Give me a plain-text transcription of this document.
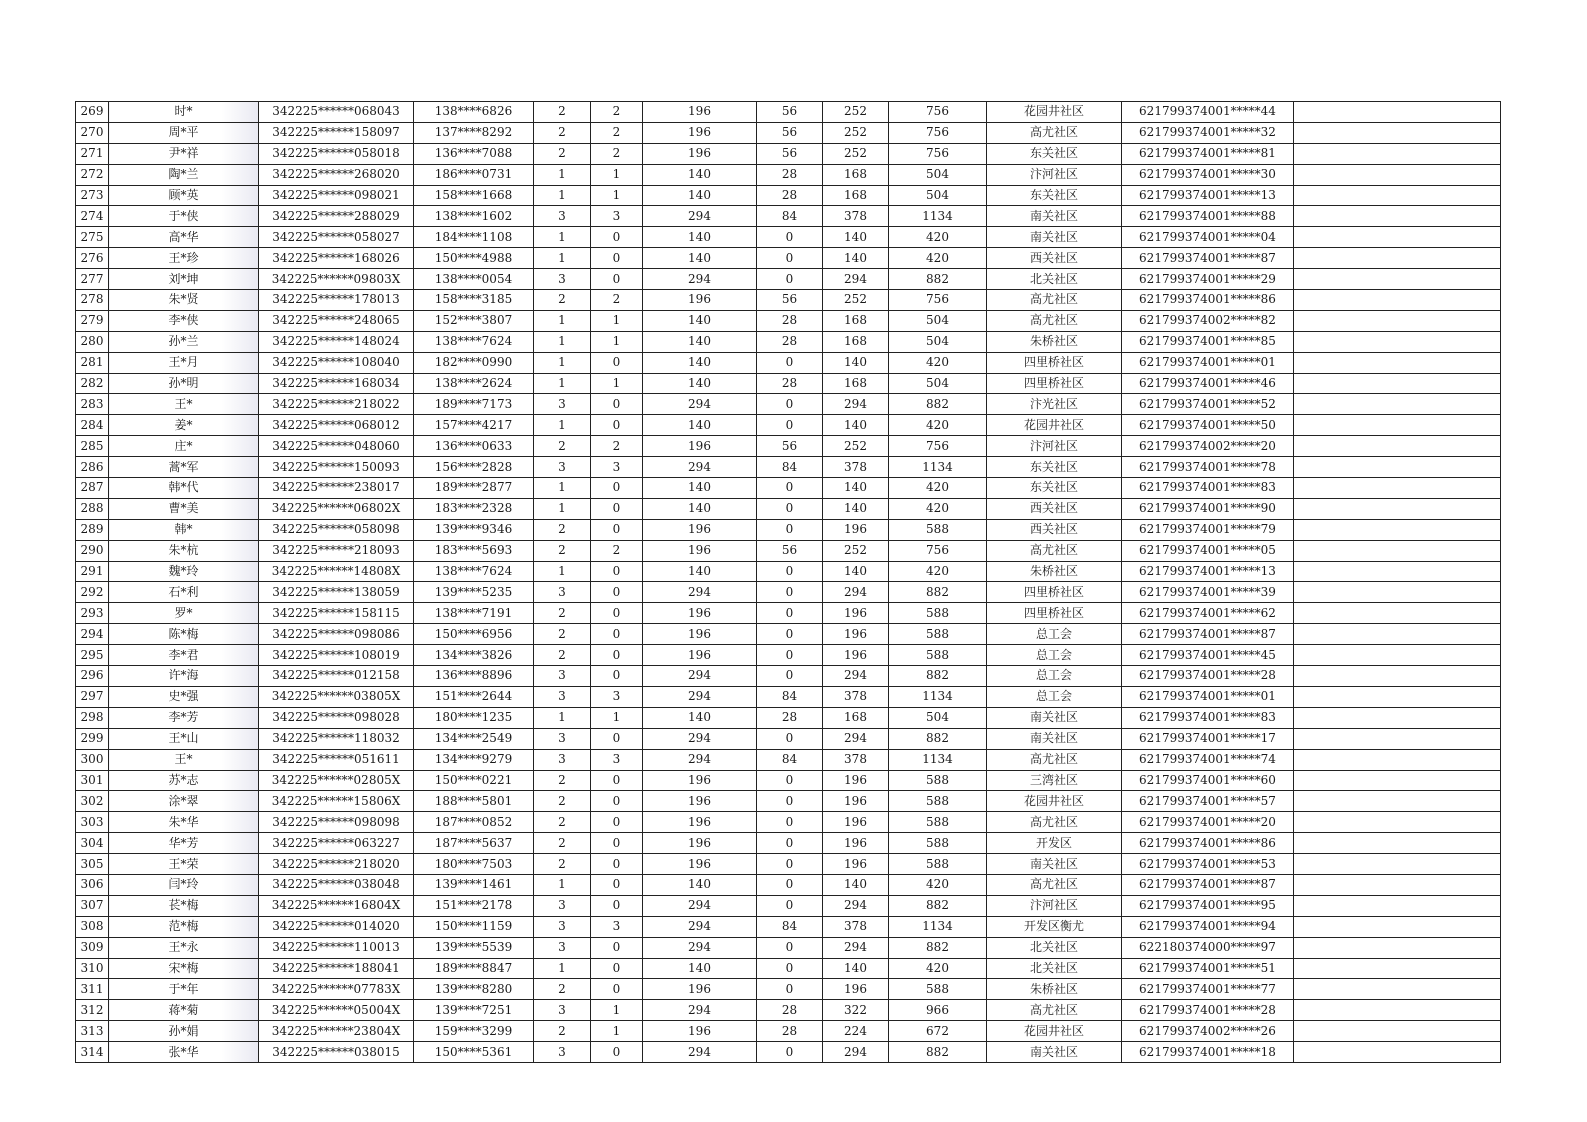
269	时*	342225******068043	138****6826	2	2	196	56	252	756	花园井社区	621799374001*****44	
270	周*平	342225******158097	137****8292	2	2	196	56	252	756	高尤社区	621799374001*****32	
271	尹*祥	342225******058018	136****7088	2	2	196	56	252	756	东关社区	621799374001*****81	
272	陶*兰	342225******268020	186****0731	1	1	140	28	168	504	汴河社区	621799374001*****30	
273	顾*英	342225******098021	158****1668	1	1	140	28	168	504	东关社区	621799374001*****13	
274	于*侠	342225******288029	138****1602	3	3	294	84	378	1134	南关社区	621799374001*****88	
275	高*华	342225******058027	184****1108	1	0	140	0	140	420	南关社区	621799374001*****04	
276	王*珍	342225******168026	150****4988	1	0	140	0	140	420	西关社区	621799374001*****87	
277	刘*坤	342225******09803X	138****0054	3	0	294	0	294	882	北关社区	621799374001*****29	
278	朱*贤	342225******178013	158****3185	2	2	196	56	252	756	高尤社区	621799374001*****86	
279	李*侠	342225******248065	152****3807	1	1	140	28	168	504	高尤社区	621799374002*****82	
280	孙*兰	342225******148024	138****7624	1	1	140	28	168	504	朱桥社区	621799374001*****85	
281	王*月	342225******108040	182****0990	1	0	140	0	140	420	四里桥社区	621799374001*****01	
282	孙*明	342225******168034	138****2624	1	1	140	28	168	504	四里桥社区	621799374001*****46	
283	王*	342225******218022	189****7173	3	0	294	0	294	882	汴光社区	621799374001*****52	
284	姜*	342225******068012	157****4217	1	0	140	0	140	420	花园井社区	621799374001*****50	
285	庄*	342225******048060	136****0633	2	2	196	56	252	756	汴河社区	621799374002*****20	
286	蒿*军	342225******150093	156****2828	3	3	294	84	378	1134	东关社区	621799374001*****78	
287	韩*代	342225******238017	189****2877	1	0	140	0	140	420	东关社区	621799374001*****83	
288	曹*美	342225******06802X	183****2328	1	0	140	0	140	420	西关社区	621799374001*****90	
289	韩*	342225******058098	139****9346	2	0	196	0	196	588	西关社区	621799374001*****79	
290	朱*杭	342225******218093	183****5693	2	2	196	56	252	756	高尤社区	621799374001*****05	
291	魏*玲	342225******14808X	138****7624	1	0	140	0	140	420	朱桥社区	621799374001*****13	
292	石*利	342225******138059	139****5235	3	0	294	0	294	882	四里桥社区	621799374001*****39	
293	罗*	342225******158115	138****7191	2	0	196	0	196	588	四里桥社区	621799374001*****62	
294	陈*梅	342225******098086	150****6956	2	0	196	0	196	588	总工会	621799374001*****87	
295	李*君	342225******108019	134****3826	2	0	196	0	196	588	总工会	621799374001*****45	
296	许*海	342225******012158	136****8896	3	0	294	0	294	882	总工会	621799374001*****28	
297	史*强	342225******03805X	151****2644	3	3	294	84	378	1134	总工会	621799374001*****01	
298	李*芳	342225******098028	180****1235	1	1	140	28	168	504	南关社区	621799374001*****83	
299	王*山	342225******118032	134****2549	3	0	294	0	294	882	南关社区	621799374001*****17	
300	王*	342225******051611	134****9279	3	3	294	84	378	1134	高尤社区	621799374001*****74	
301	苏*志	342225******02805X	150****0221	2	0	196	0	196	588	三湾社区	621799374001*****60	
302	涂*翠	342225******15806X	188****5801	2	0	196	0	196	588	花园井社区	621799374001*****57	
303	朱*华	342225******098098	187****0852	2	0	196	0	196	588	高尤社区	621799374001*****20	
304	华*芳	342225******063227	187****5637	2	0	196	0	196	588	开发区	621799374001*****86	
305	王*荣	342225******218020	180****7503	2	0	196	0	196	588	南关社区	621799374001*****53	
306	闫*玲	342225******038048	139****1461	1	0	140	0	140	420	高尤社区	621799374001*****87	
307	苌*梅	342225******16804X	151****2178	3	0	294	0	294	882	汴河社区	621799374001*****95	
308	范*梅	342225******014020	150****1159	3	3	294	84	378	1134	开发区衡尤	621799374001*****94	
309	王*永	342225******110013	139****5539	3	0	294	0	294	882	北关社区	622180374000*****97	
310	宋*梅	342225******188041	189****8847	1	0	140	0	140	420	北关社区	621799374001*****51	
311	于*年	342225******07783X	139****8280	2	0	196	0	196	588	朱桥社区	621799374001*****77	
312	蒋*菊	342225******05004X	139****7251	3	1	294	28	322	966	高尤社区	621799374001*****28	
313	孙*娟	342225******23804X	159****3299	2	1	196	28	224	672	花园井社区	621799374002*****26	
314	张*华	342225******038015	150****5361	3	0	294	0	294	882	南关社区	621799374001*****18	
